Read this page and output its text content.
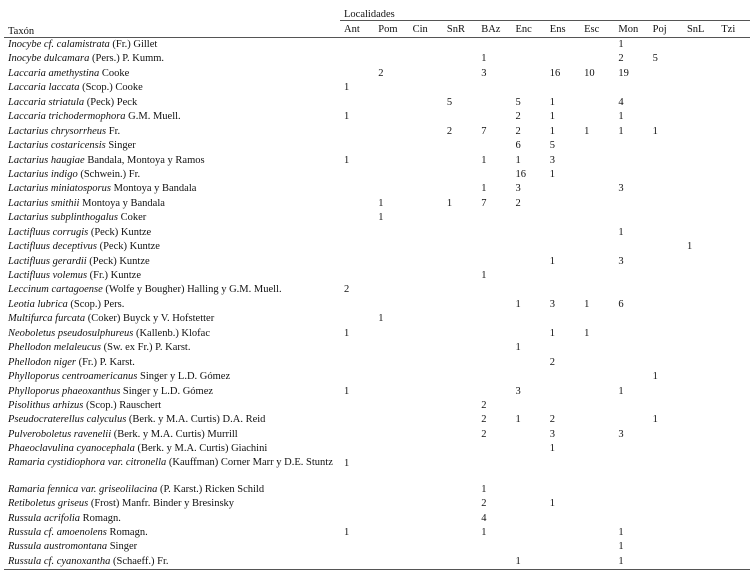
Taxón	Localidades											
	Ant	Pom	Cin	SnR	BAz	Enc	Ens	Esc	Mon	Poj	SnL	Tzi
Inocybe cf. calamistrata (Fr.) Gillet									1			
Inocybe dulcamara (Pers.) P. Kumm.					1				2	5		
Laccaria amethystina Cooke		2			3		16	10	19			
Laccaria laccata (Scop.) Cooke	1											
Laccaria striatula (Peck) Peck				5		5	1		4			
Laccaria trichodermophora G.M. Muell.	1					2	1		1			
Lactarius chrysorrheus Fr.				2	7	2	1	1	1	1		
Lactarius costaricensis Singer						6	5					
Lactarius haugiae Bandala, Montoya y Ramos	1				1	1	3					
Lactarius indigo (Schwein.) Fr.						16	1					
Lactarius miniatosporus Montoya y Bandala					1	3			3			
Lactarius smithii Montoya y Bandala		1		1	7	2						
Lactarius subplinthogalus Coker		1										
Lactifluus corrugis (Peck) Kuntze									1			
Lactifluus deceptivus (Peck) Kuntze											1	
Lactifluus gerardii (Peck) Kuntze							1		3			
Lactifluus volemus (Fr.) Kuntze					1							
Leccinum cartagoense (Wolfe y Bougher) Halling y G.M. Muell.	2											
Leotia lubrica (Scop.) Pers.						1	3	1	6			
Multifurca furcata (Coker) Buyck y V. Hofstetter		1										
Neoboletus pseudosulphureus (Kallenb.) Klofac	1						1	1				
Phellodon melaleucus (Sw. ex Fr.) P. Karst.						1						
Phellodon niger (Fr.) P. Karst.							2					
Phylloporus centroamericanus Singer y L.D. Gómez										1		
Phylloporus phaeoxanthus Singer y L.D. Gómez	1					3			1			
Pisolithus arhizus (Scop.) Rauschert					2							
Pseudocraterellus calyculus (Berk. y M.A. Curtis) D.A. Reid					2	1	2			1		
Pulveroboletus ravenelii (Berk. y M.A. Curtis) Murrill					2		3		3			
Phaeoclavulina cyanocephala (Berk. y M.A. Curtis) Giachini							1					
Ramaria cystidiophora var. citronella (Kauffman) Corner Marr y D.E. Stuntz	1											
Ramaria fennica var. griseolilacina (P. Karst.) Ricken Schild					1							
Retiboletus griseus (Frost) Manfr. Binder y Bresinsky					2		1					
Russula acrifolia Romagn.					4							
Russula cf. amoenolens Romagn.	1				1				1			
Russula austromontana Singer									1			
Russula cf. cyanoxantha (Schaeff.) Fr.						1			1			
